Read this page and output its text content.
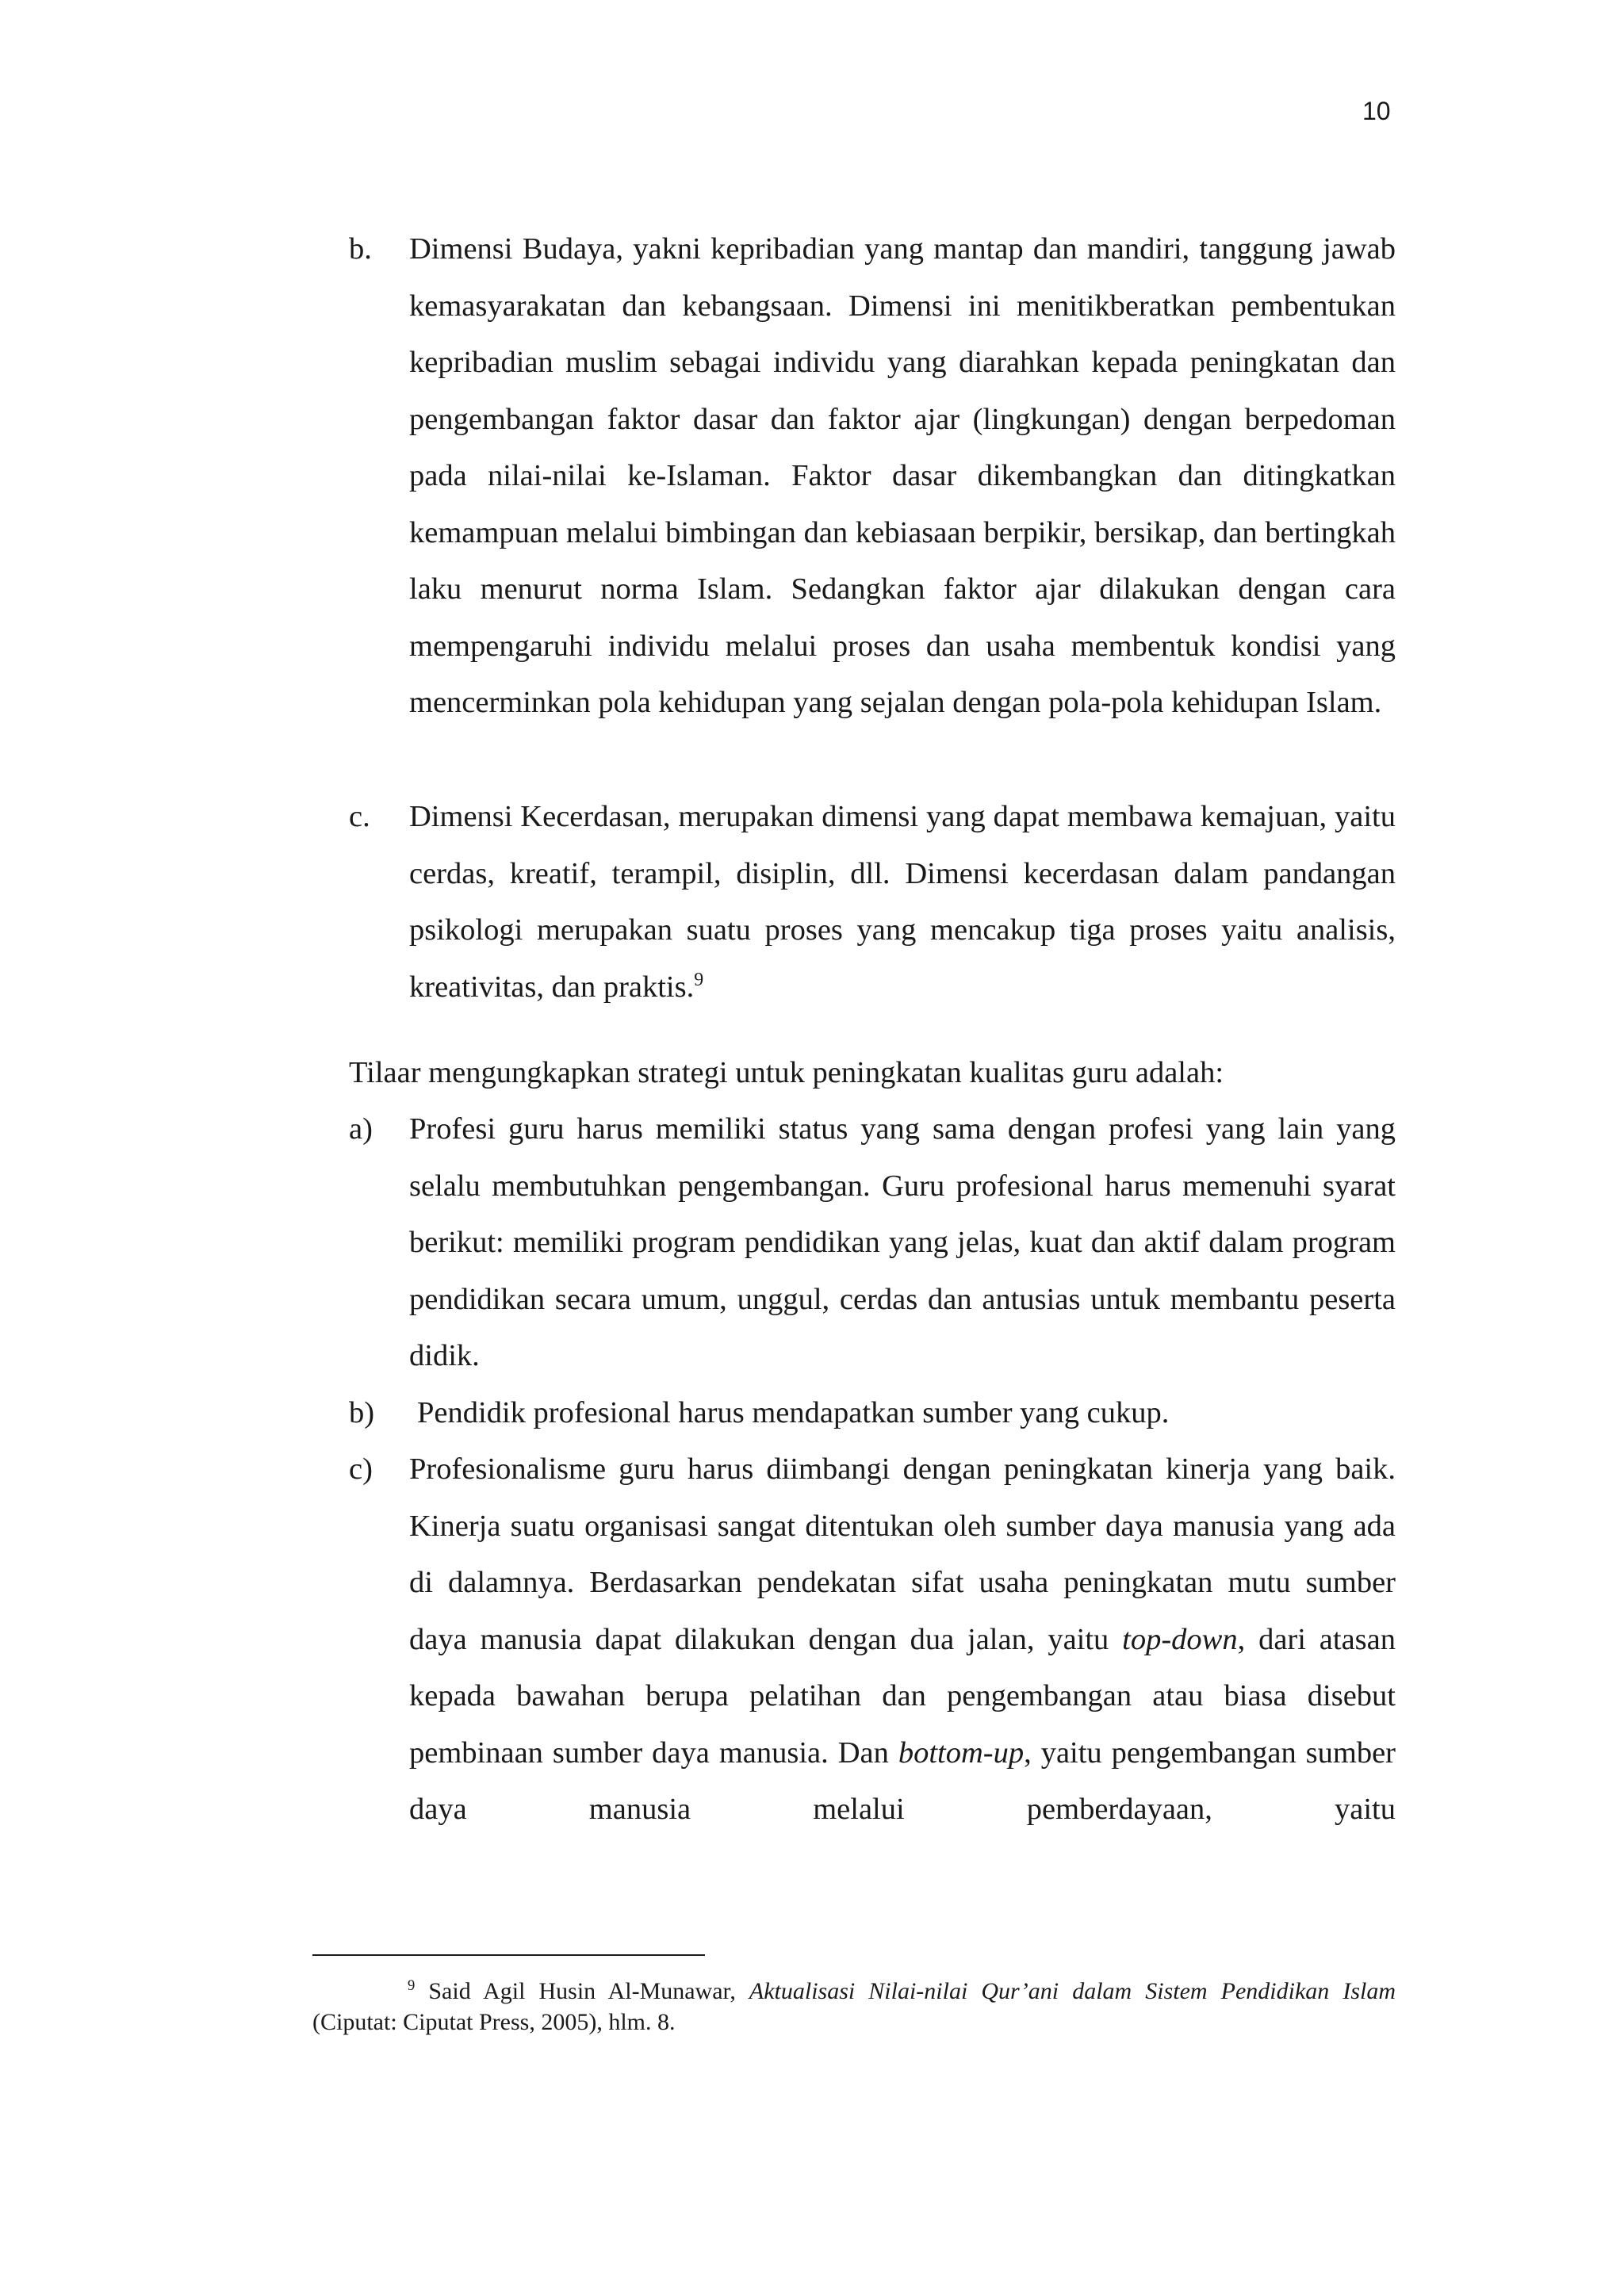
10
b. Dimensi Budaya, yakni kepribadian yang mantap dan mandiri, tanggung jawab kemasyarakatan dan kebangsaan. Dimensi ini menitikberatkan pembentukan kepribadian muslim sebagai individu yang diarahkan kepada peningkatan dan pengembangan faktor dasar dan faktor ajar (lingkungan) dengan berpedoman pada nilai-nilai ke-Islaman. Faktor dasar dikembangkan dan ditingkatkan kemampuan melalui bimbingan dan kebiasaan berpikir, bersikap, dan bertingkah laku menurut norma Islam. Sedangkan faktor ajar dilakukan dengan cara mempengaruhi individu melalui proses dan usaha membentuk kondisi yang mencerminkan pola kehidupan yang sejalan dengan pola-pola kehidupan Islam.
c. Dimensi Kecerdasan, merupakan dimensi yang dapat membawa kemajuan, yaitu cerdas, kreatif, terampil, disiplin, dll. Dimensi kecerdasan dalam pandangan psikologi merupakan suatu proses yang mencakup tiga proses yaitu analisis, kreativitas, dan praktis.$^9$
Tilaar mengungkapkan strategi untuk peningkatan kualitas guru adalah:
a) Profesi guru harus memiliki status yang sama dengan profesi yang lain yang selalu membutuhkan pengembangan. Guru profesional harus memenuhi syarat berikut: memiliki program pendidikan yang jelas, kuat dan aktif dalam program pendidikan secara umum, unggul, cerdas dan antusias untuk membantu peserta didik.
b) Pendidik profesional harus mendapatkan sumber yang cukup.
c) Profesionalisme guru harus diimbangi dengan peningkatan kinerja yang baik. Kinerja suatu organisasi sangat ditentukan oleh sumber daya manusia yang ada di dalamnya. Berdasarkan pendekatan sifat usaha peningkatan mutu sumber daya manusia dapat dilakukan dengan dua jalan, yaitu top-down, dari atasan kepada bawahan berupa pelatihan dan pengembangan atau biasa disebut pembinaan sumber daya manusia. Dan bottom-up, yaitu pengembangan sumber daya manusia melalui pemberdayaan, yaitu
$^9$ Said Agil Husin Al-Munawar, Aktualisasi Nilai-nilai Qur’ani dalam Sistem Pendidikan Islam (Ciputat: Ciputat Press, 2005), hlm. 8.
